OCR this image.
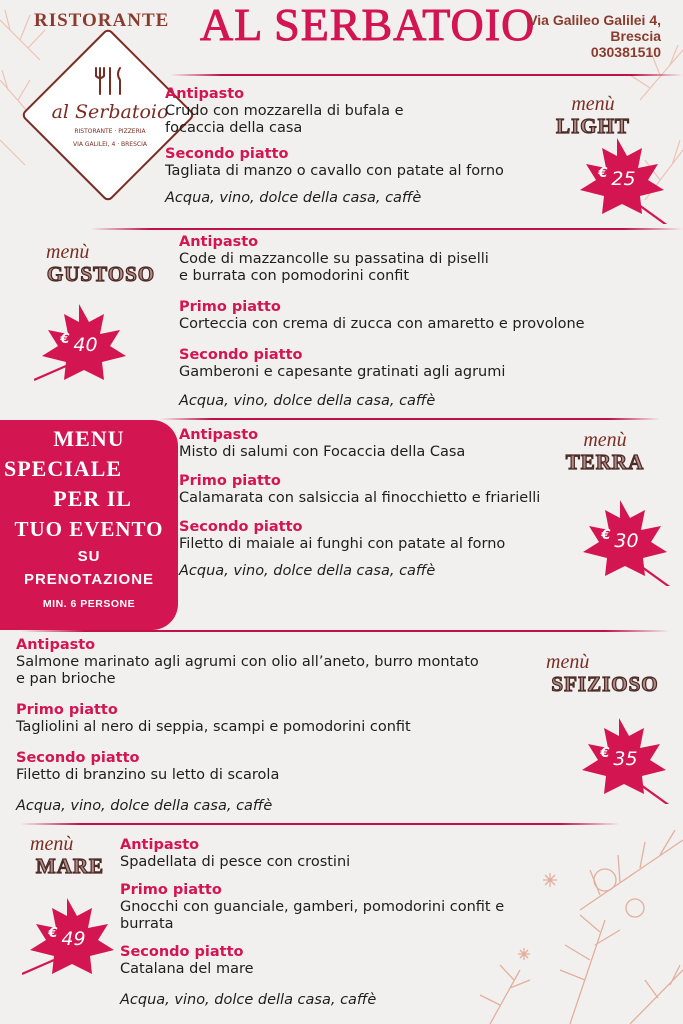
RISTORANTE AL SERBATOIO
Via Galileo Galilei 4,
Brescia
030381510
al Serbatoio
RISTORANTE · PIZZERIA
VIA GALILEI, 4 · BRESCIA
Antipasto
Crudo con mozzarella di bufala e
focaccia della casa
Secondo piatto
Tagliata di manzo o cavallo con patate al forno
Acqua, vino, dolce della casa, caffè
menù
LIGHT
€ 25
menù
GUSTOSO
€ 40
Antipasto
Code di mazzancolle su passatina di piselli
e burrata con pomodorini confit
Primo piatto
Corteccia con crema di zucca con amaretto e provolone
Secondo piatto
Gamberoni e capesante gratinati agli agrumi
Acqua, vino, dolce della casa, caffè
MENU
SPECIALE
PER IL
TUO EVENTO
SU
PRENOTAZIONE
MIN. 6 PERSONE
Antipasto
Misto di salumi con Focaccia della Casa
Primo piatto
Calamarata con salsiccia al finocchietto e friarielli
Secondo piatto
Filetto di maiale ai funghi con patate al forno
Acqua, vino, dolce della casa, caffè
menù
TERRA
€ 30
Antipasto
Salmone marinato agli agrumi con olio all’aneto, burro montato
e pan brioche
Primo piatto
Tagliolini al nero di seppia, scampi e pomodorini confit
Secondo piatto
Filetto di branzino su letto di scarola
Acqua, vino, dolce della casa, caffè
menù
SFIZIOSO
€ 35
menù
MARE
€ 49
Antipasto
Spadellata di pesce con crostini
Primo piatto
Gnocchi con guanciale, gamberi, pomodorini confit e
burrata
Secondo piatto
Catalana del mare
Acqua, vino, dolce della casa, caffè
